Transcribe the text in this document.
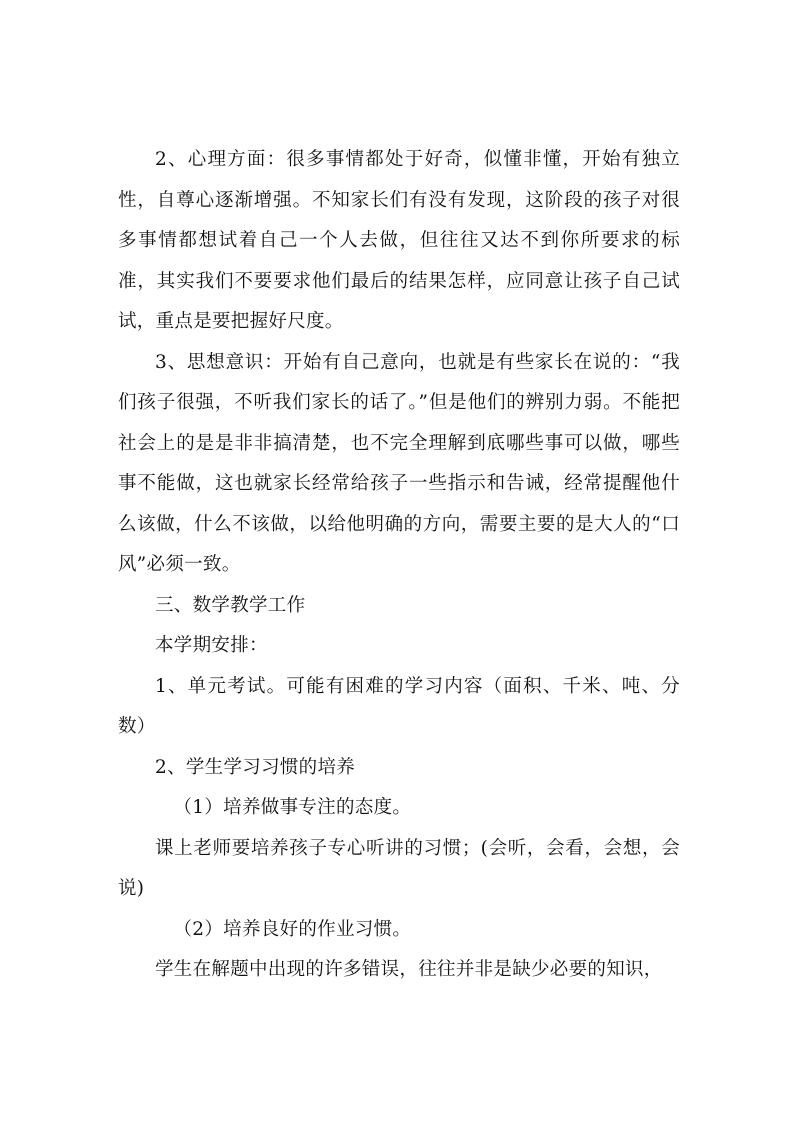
2、心理方面：很多事情都处于好奇，似懂非懂，开始有独立性，自尊心逐渐增强。不知家长们有没有发现，这阶段的孩子对很多事情都想试着自己一个人去做，但往往又达不到你所要求的标准，其实我们不要要求他们最后的结果怎样，应同意让孩子自己试试，重点是要把握好尺度。

3、思想意识：开始有自己意向，也就是有些家长在说的：“我们孩子很强，不听我们家长的话了。”但是他们的辨别力弱。不能把社会上的是是非非搞清楚，也不完全理解到底哪些事可以做，哪些事不能做，这也就家长经常给孩子一些指示和告诫，经常提醒他什么该做，什么不该做，以给他明确的方向，需要主要的是大人的“口风”必须一致。

三、数学教学工作

本学期安排：

1、单元考试。可能有困难的学习内容（面积、千米、吨、分数）

2、学生学习习惯的培养

（1）培养做事专注的态度。

课上老师要培养孩子专心听讲的习惯；(会听，会看，会想，会说)

（2）培养良好的作业习惯。

学生在解题中出现的许多错误，往往并非是缺少必要的知识，
